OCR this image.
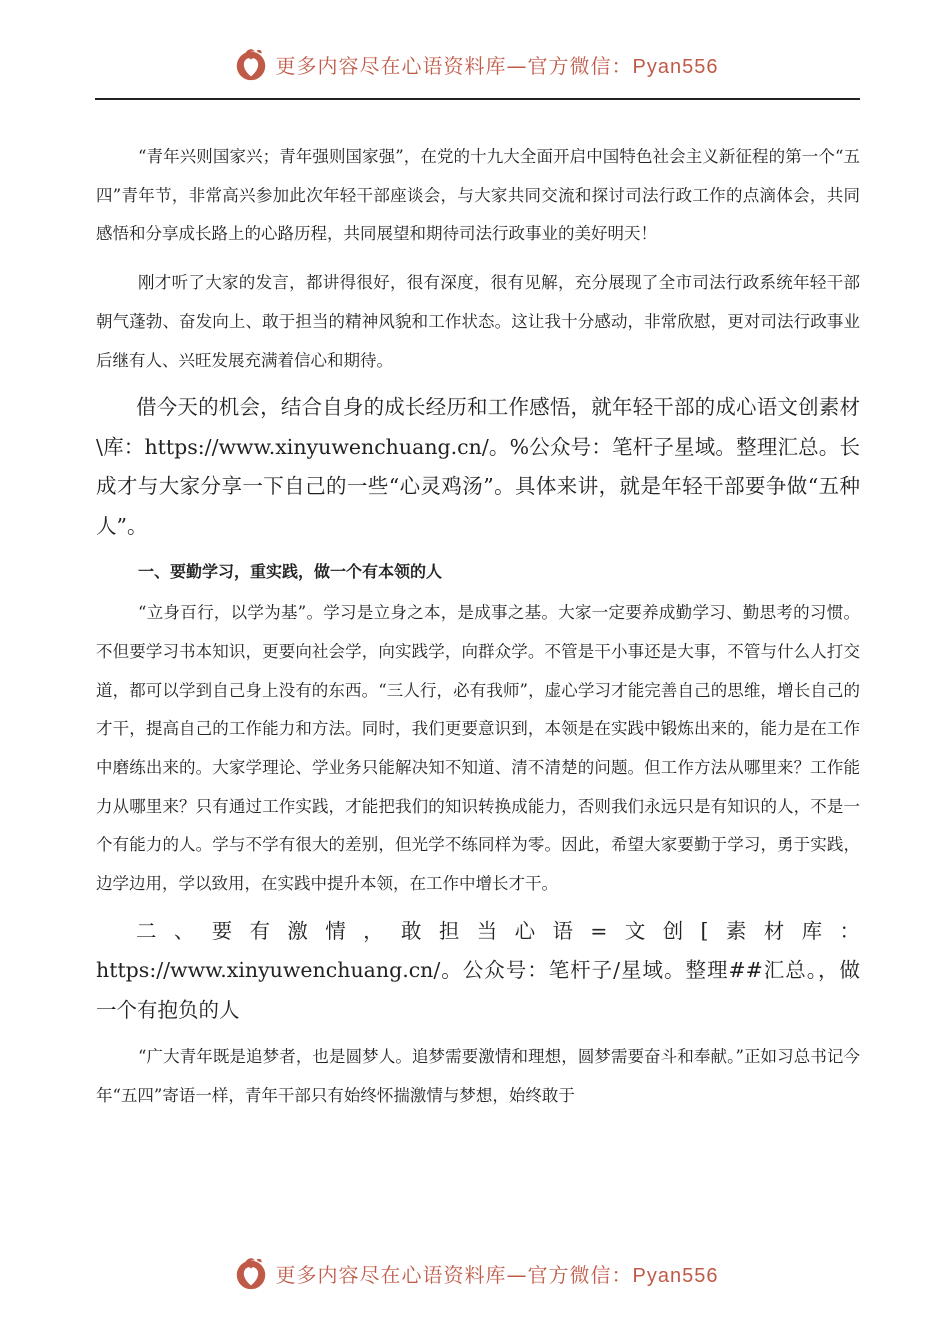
更多内容尽在心语资料库—官方微信：Pyan556

“青年兴则国家兴；青年强则国家强”，在党的十九大全面开启中国特色社会主义新征程的第一个“五四”青年节，非常高兴参加此次年轻干部座谈会，与大家共同交流和探讨司法行政工作的点滴体会，共同感悟和分享成长路上的心路历程，共同展望和期待司法行政事业的美好明天！

刚才听了大家的发言，都讲得很好，很有深度，很有见解，充分展现了全市司法行政系统年轻干部朝气蓬勃、奋发向上、敢于担当的精神风貌和工作状态。这让我十分感动，非常欣慰，更对司法行政事业后继有人、兴旺发展充满着信心和期待。

借今天的机会，结合自身的成长经历和工作感悟，就年轻干部的成心语文创素材\库：https://www.xinyuwenchuang.cn/。%公众号：笔杆子星域。整理汇总。长成才与大家分享一下自己的一些“心灵鸡汤”。具体来讲，就是年轻干部要争做“五种人”。

一、要勤学习，重实践，做一个有本领的人

“立身百行，以学为基”。学习是立身之本，是成事之基。大家一定要养成勤学习、勤思考的习惯。不但要学习书本知识，更要向社会学，向实践学，向群众学。不管是干小事还是大事，不管与什么人打交道，都可以学到自己身上没有的东西。“三人行，必有我师”，虚心学习才能完善自己的思维，增长自己的才干，提高自己的工作能力和方法。同时，我们更要意识到，本领是在实践中锻炼出来的，能力是在工作中磨练出来的。大家学理论、学业务只能解决知不知道、清不清楚的问题。但工作方法从哪里来？工作能力从哪里来？只有通过工作实践，才能把我们的知识转换成能力，否则我们永远只是有知识的人，不是一个有能力的人。学与不学有很大的差别，但光学不练同样为零。因此，希望大家要勤于学习，勇于实践，边学边用，学以致用，在实践中提升本领，在工作中增长才干。

二、要有激情，敢担当心语=文创[素材库：https://www.xinyuwenchuang.cn/。公众号：笔杆子/星域。整理##汇总。，做一个有抱负的人

“广大青年既是追梦者，也是圆梦人。追梦需要激情和理想，圆梦需要奋斗和奉献。”正如习总书记今年“五四”寄语一样，青年干部只有始终怀揣激情与梦想，始终敢于

更多内容尽在心语资料库—官方微信：Pyan556
